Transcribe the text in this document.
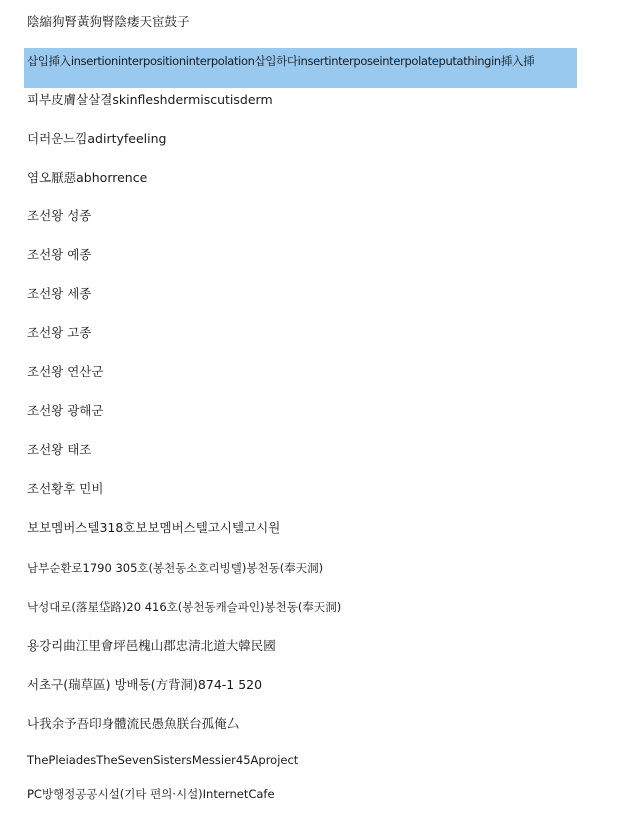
陰縮狗腎黃狗腎陰痿天宦鼓子
삽입揷入insertioninterpositioninterpolation삽입하다insertinterposeinterpolateputathingin揷入揷
피부皮膚살살결skinfleshdermiscutisderm
더러운느낌adirtyfeeling
염오厭惡abhorrence
조선왕 성종
조선왕 예종
조선왕 세종
조선왕 고종
조선왕 연산군
조선왕 광해군
조선왕 태조
조선황후 민비
보보멤버스텔318호보보멤버스텔고시텔고시원
남부순환로1790 305호(봉천동소호리빙텔)봉천동(奉天洞)
낙성대로(落星垈路)20 416호(봉천동캐슬파인)봉천동(奉天洞)
용강리曲江里會坪邑槐山郡忠淸北道大韓民國
서초구(瑞草區) 방배동(方背洞)874-1 520
나我余予吾印身體流民愚魚朕台孤俺厶
ThePleiadesTheSevenSistersMessier45Aproject
PC방행정공공시설(기타 편의·시설)InternetCafe
